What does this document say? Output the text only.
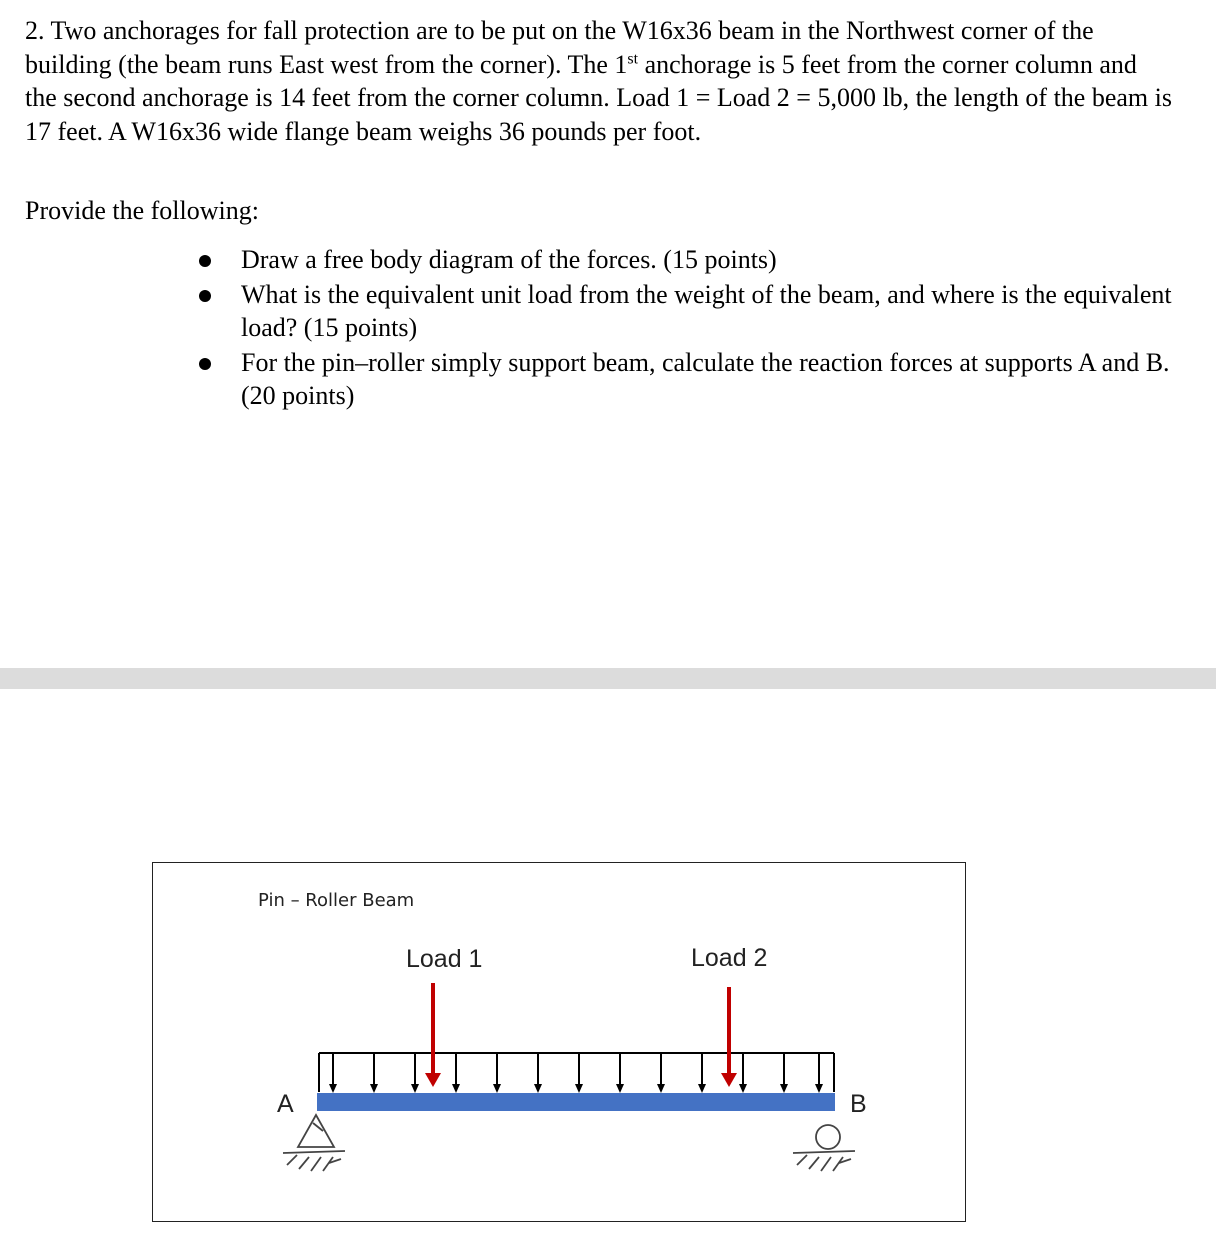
2. Two anchorages for fall protection are to be put on the W16x36 beam in the Northwest corner of the building (the beam runs East west from the corner). The 1st anchorage is 5 feet from the corner column and the second anchorage is 14 feet from the corner column. Load 1 = Load 2 = 5,000 lb, the length of the beam is 17 feet. A W16x36 wide flange beam weighs 36 pounds per foot.

Provide the following:

Draw a free body diagram of the forces. (15 points)
What is the equivalent unit load from the weight of the beam, and where is the equivalent load? (15 points)
For the pin–roller simply support beam, calculate the reaction forces at supports A and B. (20 points)
Pin – Roller Beam
Load 1	Load 2
A	B
